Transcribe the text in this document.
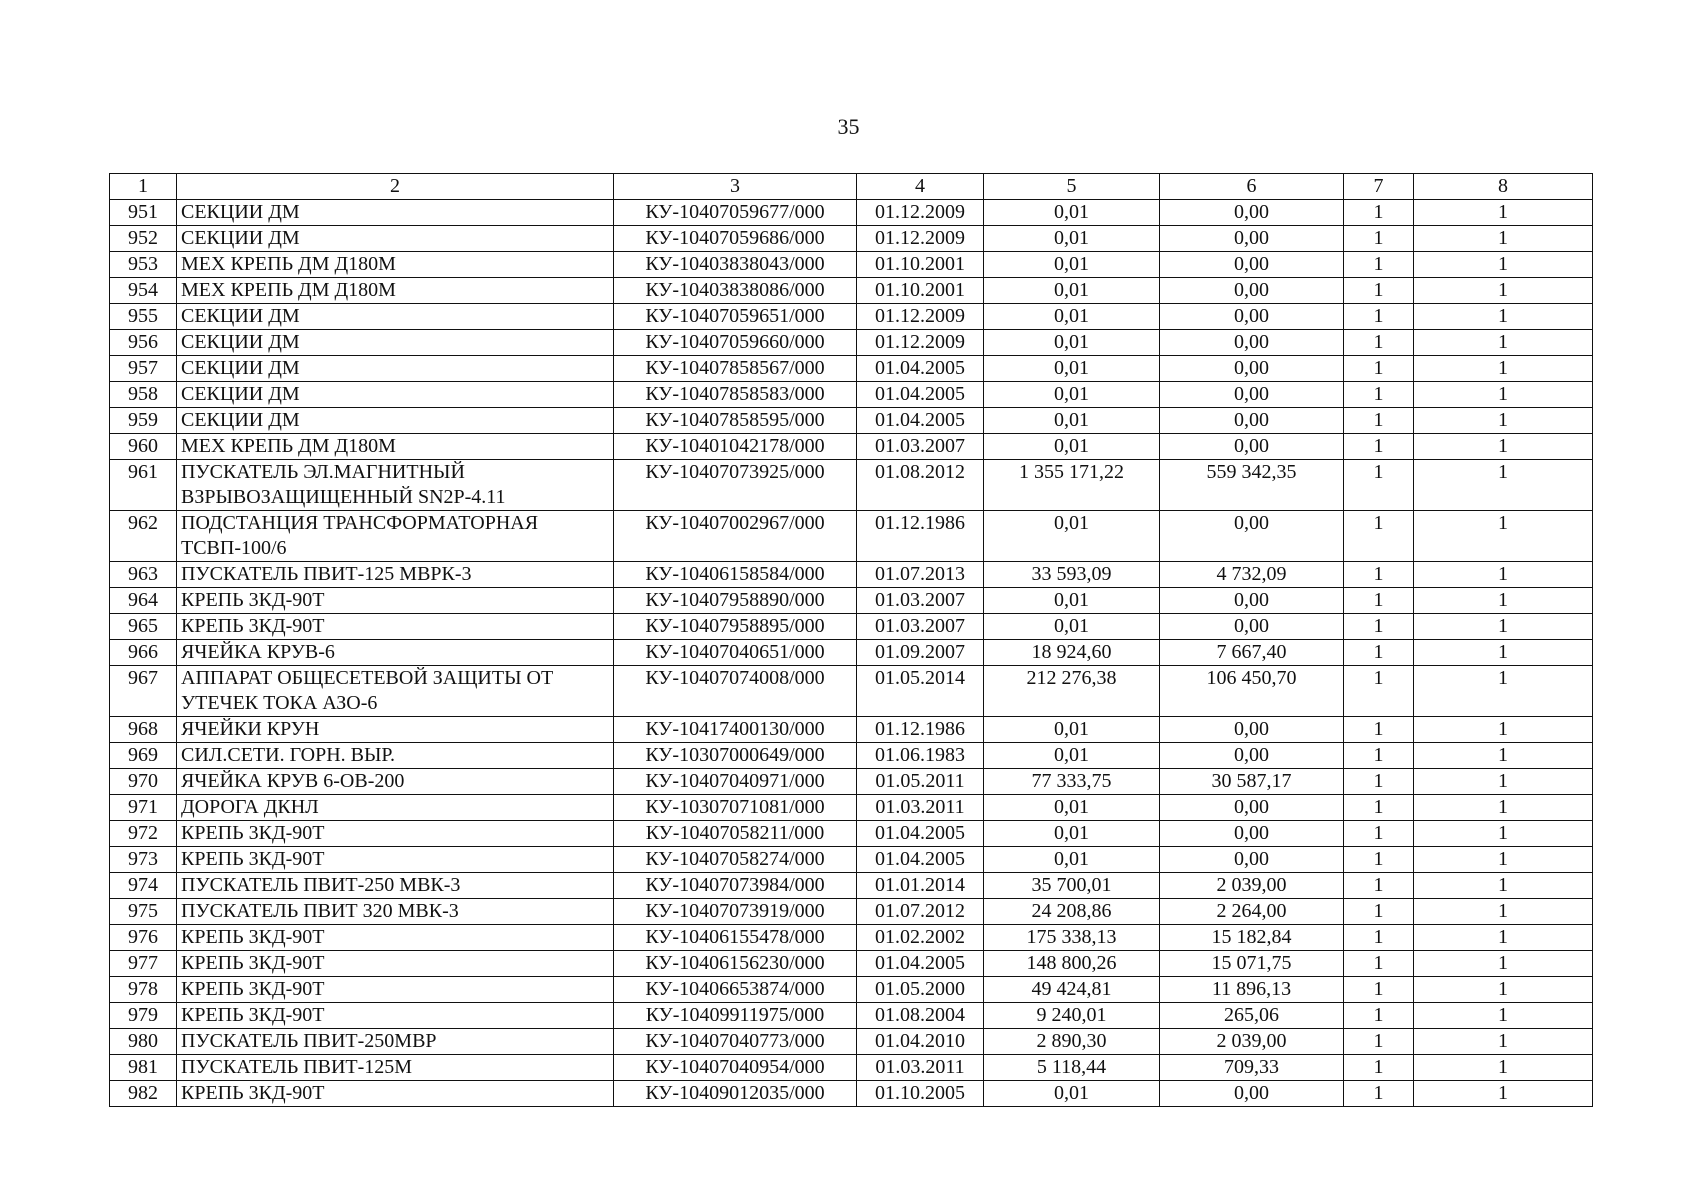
35
1	2	3	4	5	6	7	8
951	СЕКЦИИ ДМ	КУ-10407059677/000	01.12.2009	0,01	0,00	1	1
952	СЕКЦИИ ДМ	КУ-10407059686/000	01.12.2009	0,01	0,00	1	1
953	МЕХ КРЕПЬ ДМ Д180М	КУ-10403838043/000	01.10.2001	0,01	0,00	1	1
954	МЕХ КРЕПЬ ДМ Д180М	КУ-10403838086/000	01.10.2001	0,01	0,00	1	1
955	СЕКЦИИ ДМ	КУ-10407059651/000	01.12.2009	0,01	0,00	1	1
956	СЕКЦИИ ДМ	КУ-10407059660/000	01.12.2009	0,01	0,00	1	1
957	СЕКЦИИ ДМ	КУ-10407858567/000	01.04.2005	0,01	0,00	1	1
958	СЕКЦИИ ДМ	КУ-10407858583/000	01.04.2005	0,01	0,00	1	1
959	СЕКЦИИ ДМ	КУ-10407858595/000	01.04.2005	0,01	0,00	1	1
960	МЕХ КРЕПЬ ДМ Д180М	КУ-10401042178/000	01.03.2007	0,01	0,00	1	1
961	ПУСКАТЕЛЬ ЭЛ.МАГНИТНЫЙ ВЗРЫВОЗАЩИЩЕННЫЙ SN2P-4.11	КУ-10407073925/000	01.08.2012	1 355 171,22	559 342,35	1	1
962	ПОДСТАНЦИЯ ТРАНСФОРМАТОРНАЯ ТСВП-100/6	КУ-10407002967/000	01.12.1986	0,01	0,00	1	1
963	ПУСКАТЕЛЬ ПВИТ-125 МВРК-3	КУ-10406158584/000	01.07.2013	33 593,09	4 732,09	1	1
964	КРЕПЬ 3КД-90Т	КУ-10407958890/000	01.03.2007	0,01	0,00	1	1
965	КРЕПЬ 3КД-90Т	КУ-10407958895/000	01.03.2007	0,01	0,00	1	1
966	ЯЧЕЙКА КРУВ-6	КУ-10407040651/000	01.09.2007	18 924,60	7 667,40	1	1
967	АППАРАТ ОБЩЕСЕТЕВОЙ ЗАЩИТЫ ОТ УТЕЧЕК ТОКА АЗО-6	КУ-10407074008/000	01.05.2014	212 276,38	106 450,70	1	1
968	ЯЧЕЙКИ КРУН	КУ-10417400130/000	01.12.1986	0,01	0,00	1	1
969	СИЛ.СЕТИ. ГОРН. ВЫР.	КУ-10307000649/000	01.06.1983	0,01	0,00	1	1
970	ЯЧЕЙКА КРУВ 6-ОВ-200	КУ-10407040971/000	01.05.2011	77 333,75	30 587,17	1	1
971	ДОРОГА ДКНЛ	КУ-10307071081/000	01.03.2011	0,01	0,00	1	1
972	КРЕПЬ 3КД-90Т	КУ-10407058211/000	01.04.2005	0,01	0,00	1	1
973	КРЕПЬ 3КД-90Т	КУ-10407058274/000	01.04.2005	0,01	0,00	1	1
974	ПУСКАТЕЛЬ ПВИТ-250 МВК-3	КУ-10407073984/000	01.01.2014	35 700,01	2 039,00	1	1
975	ПУСКАТЕЛЬ ПВИТ 320 МВК-3	КУ-10407073919/000	01.07.2012	24 208,86	2 264,00	1	1
976	КРЕПЬ 3КД-90Т	КУ-10406155478/000	01.02.2002	175 338,13	15 182,84	1	1
977	КРЕПЬ 3КД-90Т	КУ-10406156230/000	01.04.2005	148 800,26	15 071,75	1	1
978	КРЕПЬ 3КД-90Т	КУ-10406653874/000	01.05.2000	49 424,81	11 896,13	1	1
979	КРЕПЬ 3КД-90Т	КУ-10409911975/000	01.08.2004	9 240,01	265,06	1	1
980	ПУСКАТЕЛЬ ПВИТ-250МВР	КУ-10407040773/000	01.04.2010	2 890,30	2 039,00	1	1
981	ПУСКАТЕЛЬ ПВИТ-125М	КУ-10407040954/000	01.03.2011	5 118,44	709,33	1	1
982	КРЕПЬ 3КД-90Т	КУ-10409012035/000	01.10.2005	0,01	0,00	1	1
